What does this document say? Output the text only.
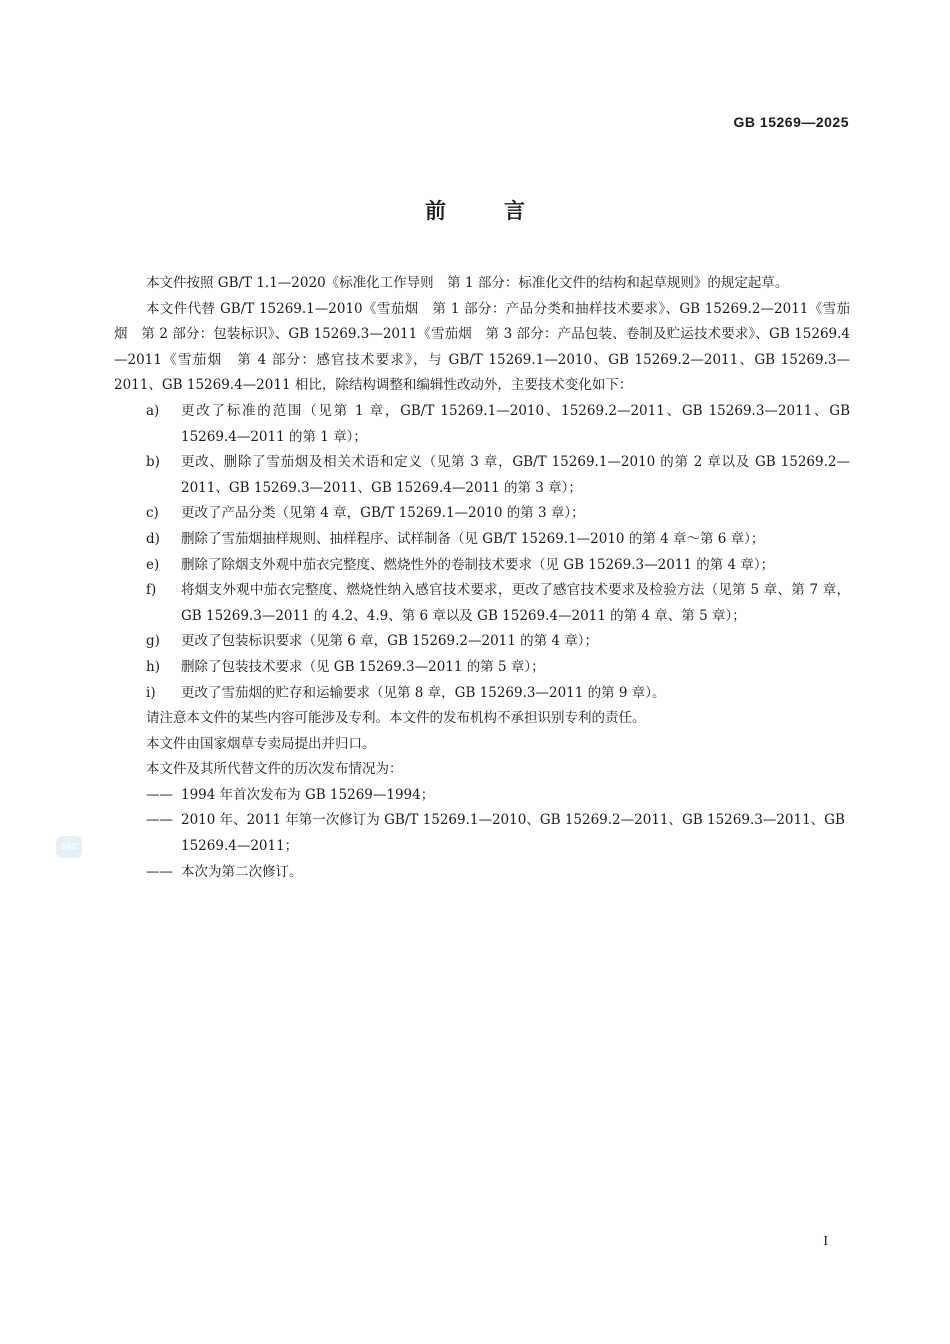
GB 15269—2025
前	言

本文件按照 GB/T 1.1—2020《标准化工作导则　第 1 部分：标准化文件的结构和起草规则》的规定起草。

本文件代替 GB/T 15269.1—2010《雪茄烟　第 1 部分：产品分类和抽样技术要求》、GB 15269.2—2011《雪茄烟　第 2 部分：包装标识》、GB 15269.3—2011《雪茄烟　第 3 部分：产品包装、卷制及贮运技术要求》、GB 15269.4—2011《雪茄烟　第 4 部分：感官技术要求》，与 GB/T 15269.1—2010、GB 15269.2—2011、GB 15269.3—2011、GB 15269.4—2011 相比，除结构调整和编辑性改动外，主要技术变化如下：

a)	更改了标准的范围（见第 1 章，GB/T 15269.1—2010、15269.2—2011、GB 15269.3—2011、GB 15269.4—2011 的第 1 章）；

b)	更改、删除了雪茄烟及相关术语和定义（见第 3 章，GB/T 15269.1—2010 的第 2 章以及 GB 15269.2—2011、GB 15269.3—2011、GB 15269.4—2011 的第 3 章）；

c)	更改了产品分类（见第 4 章，GB/T 15269.1—2010 的第 3 章）；

d)	删除了雪茄烟抽样规则、抽样程序、试样制备（见 GB/T 15269.1—2010 的第 4 章～第 6 章）；

e)	删除了除烟支外观中茄衣完整度、燃烧性外的卷制技术要求（见 GB 15269.3—2011 的第 4 章）；

f)	将烟支外观中茄衣完整度、燃烧性纳入感官技术要求，更改了感官技术要求及检验方法（见第 5 章、第 7 章，GB 15269.3—2011 的 4.2、4.9、第 6 章以及 GB 15269.4—2011 的第 4 章、第 5 章）；

g)	更改了包装标识要求（见第 6 章，GB 15269.2—2011 的第 4 章）；

h)	删除了包装技术要求（见 GB 15269.3—2011 的第 5 章）；

i)	更改了雪茄烟的贮存和运输要求（见第 8 章，GB 15269.3—2011 的第 9 章）。

请注意本文件的某些内容可能涉及专利。本文件的发布机构不承担识别专利的责任。

本文件由国家烟草专卖局提出并归口。

本文件及其所代替文件的历次发布情况为：

—— 1994 年首次发布为 GB 15269—1994；

—— 2010 年、2011 年第一次修订为 GB/T 15269.1—2010、GB 15269.2—2011、GB 15269.3—2011、GB 15269.4—2011；

—— 本次为第二次修订。

SAC
I
